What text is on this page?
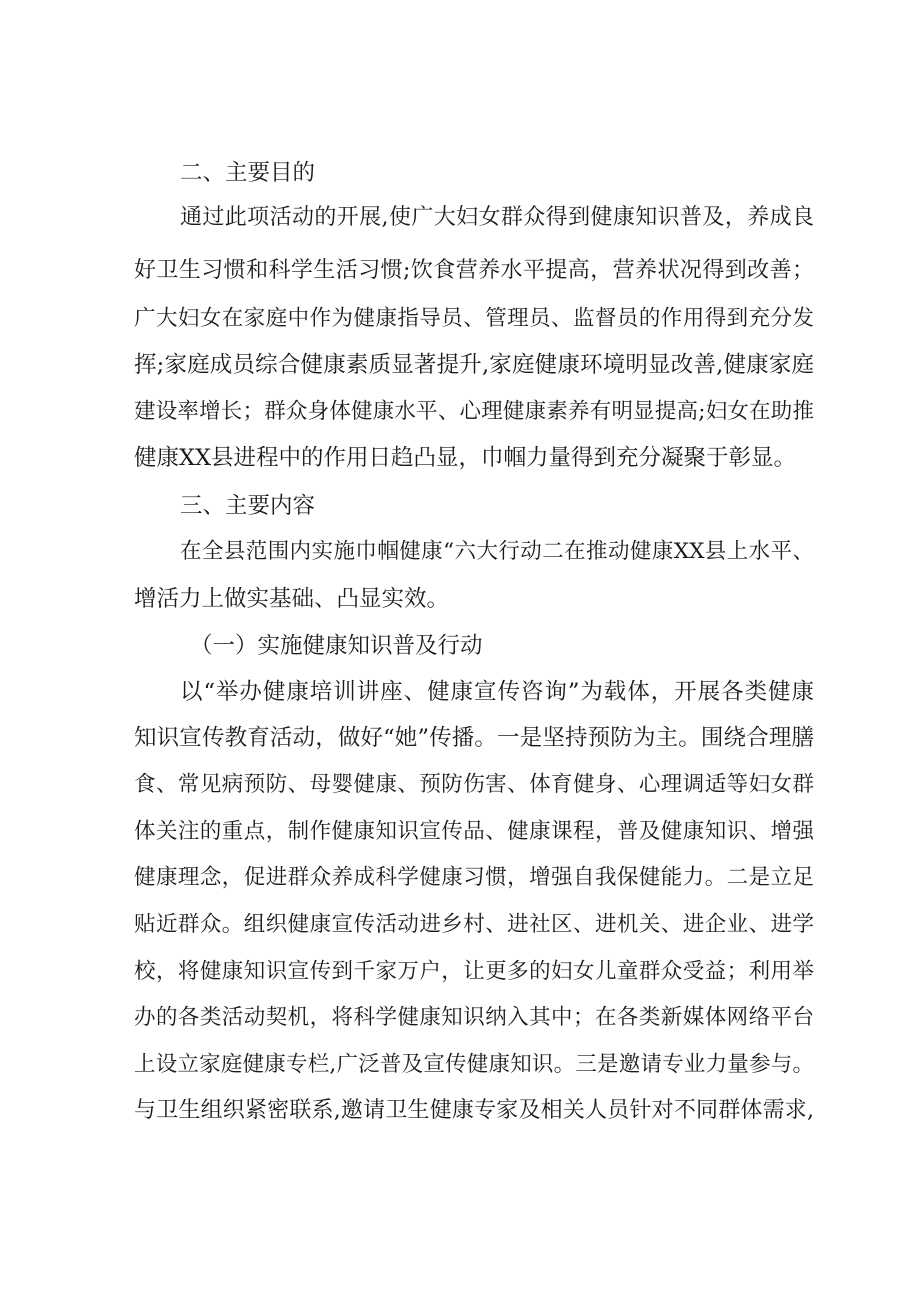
二、主要目的
通过此项活动的开展,使广大妇女群众得到健康知识普及，养成良
好卫生习惯和科学生活习惯;饮食营养水平提高，营养状况得到改善；
广大妇女在家庭中作为健康指导员、管理员、监督员的作用得到充分发
挥;家庭成员综合健康素质显著提升,家庭健康环境明显改善,健康家庭
建设率增长；群众身体健康水平、心理健康素养有明显提高;妇女在助推
健康XX县进程中的作用日趋凸显，巾帼力量得到充分凝聚于彰显。
三、主要内容
在全县范围内实施巾帼健康“六大行动二在推动健康XX县上水平、
增活力上做实基础、凸显实效。
（一）实施健康知识普及行动
以“举办健康培训讲座、健康宣传咨询”为载体，开展各类健康
知识宣传教育活动，做好“她”传播。一是坚持预防为主。围绕合理膳
食、常见病预防、母婴健康、预防伤害、体育健身、心理调适等妇女群
体关注的重点，制作健康知识宣传品、健康课程，普及健康知识、增强
健康理念，促进群众养成科学健康习惯，增强自我保健能力。二是立足
贴近群众。组织健康宣传活动进乡村、进社区、进机关、进企业、进学
校，将健康知识宣传到千家万户，让更多的妇女儿童群众受益；利用举
办的各类活动契机，将科学健康知识纳入其中；在各类新媒体网络平台
上设立家庭健康专栏,广泛普及宣传健康知识。三是邀请专业力量参与。
与卫生组织紧密联系,邀请卫生健康专家及相关人员针对不同群体需求,
